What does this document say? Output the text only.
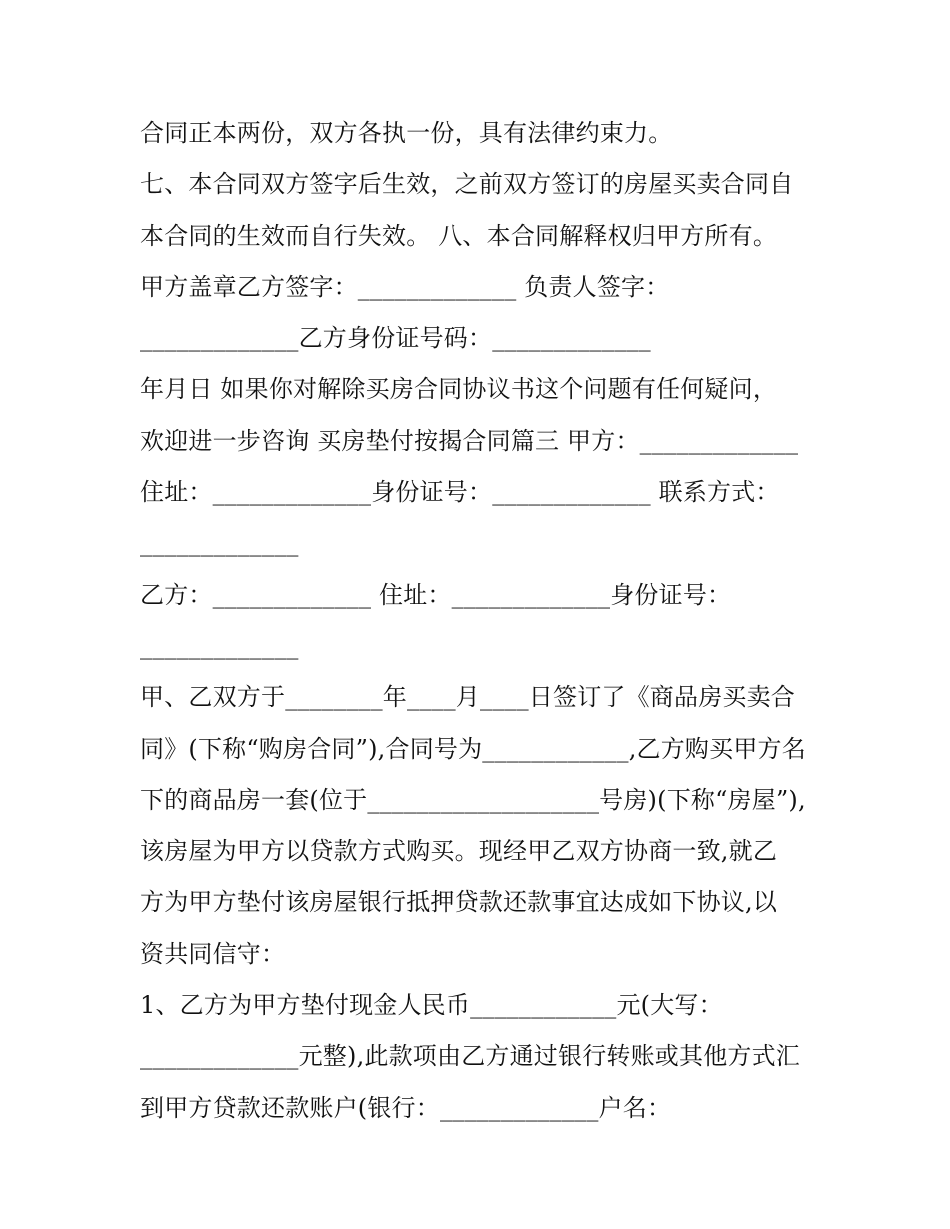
合同正本两份，双方各执一份，具有法律约束力。
七、本合同双方签字后生效，之前双方签订的房屋买卖合同自
本合同的生效而自行失效。 八、本合同解释权归甲方所有。
甲方盖章乙方签字：_____________ 负责人签字：
_____________乙方身份证号码：_____________
年月日 如果你对解除买房合同协议书这个问题有任何疑问，
欢迎进一步咨询 买房垫付按揭合同篇三 甲方：_____________
住址：_____________身份证号：_____________ 联系方式：
_____________
乙方：_____________ 住址：_____________身份证号：
_____________
甲、乙双方于________年____月____日签订了《商品房买卖合
同》(下称“购房合同”),合同号为____________,乙方购买甲方名
下的商品房一套(位于___________________号房)(下称“房屋”),
该房屋为甲方以贷款方式购买。现经甲乙双方协商一致,就乙
方为甲方垫付该房屋银行抵押贷款还款事宜达成如下协议,以
资共同信守：
1、乙方为甲方垫付现金人民币____________元(大写：
_____________元整),此款项由乙方通过银行转账或其他方式汇
到甲方贷款还款账户(银行：_____________户名：
